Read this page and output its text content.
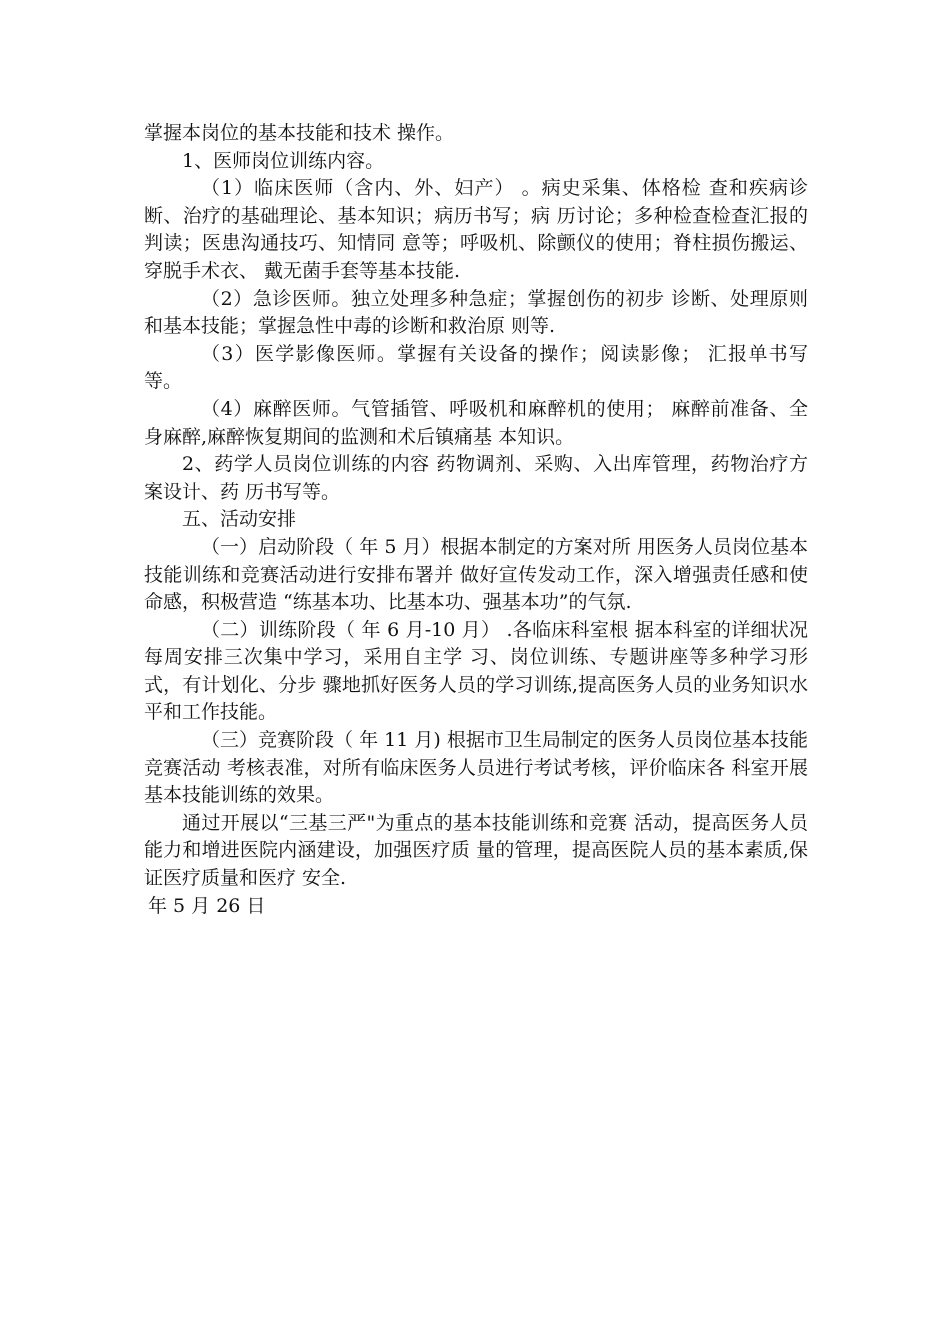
掌握本岗位的基本技能和技术 操作。

1、医师岗位训练内容。

（1）临床医师（含内、外、妇产） 。病史采集、体格检 查和疾病诊断、治疗的基础理论、基本知识；病历书写；病 历讨论；多种检查检查汇报的判读；医患沟通技巧、知情同 意等；呼吸机、除颤仪的使用；脊柱损伤搬运、穿脱手术衣、 戴无菌手套等基本技能.

（2）急诊医师。独立处理多种急症；掌握创伤的初步 诊断、处理原则和基本技能；掌握急性中毒的诊断和救治原 则等.

（3）医学影像医师。掌握有关设备的操作；阅读影像； 汇报单书写等。

（4）麻醉医师。气管插管、呼吸机和麻醉机的使用； 麻醉前准备、全身麻醉,麻醉恢复期间的监测和术后镇痛基 本知识。

2、药学人员岗位训练的内容 药物调剂、采购、入出库管理，药物治疗方案设计、药 历书写等。

五、活动安排

（一）启动阶段（ 年 5 月）根据本制定的方案对所 用医务人员岗位基本技能训练和竞赛活动进行安排布署并 做好宣传发动工作，深入增强责任感和使命感，积极营造 “练基本功、比基本功、强基本功”的气氛.

（二）训练阶段（ 年 6 月-10 月） .各临床科室根 据本科室的详细状况每周安排三次集中学习，采用自主学 习、岗位训练、专题讲座等多种学习形式，有计划化、分步 骤地抓好医务人员的学习训练,提高医务人员的业务知识水 平和工作技能。

（三）竞赛阶段（ 年 11 月) 根据市卫生局制定的医务人员岗位基本技能竞赛活动 考核表准，对所有临床医务人员进行考试考核，评价临床各 科室开展基本技能训练的效果。

通过开展以“三基三严"为重点的基本技能训练和竞赛 活动，提高医务人员能力和增进医院内涵建设，加强医疗质 量的管理，提高医院人员的基本素质,保证医疗质量和医疗 安全.

年 5 月 26 日
